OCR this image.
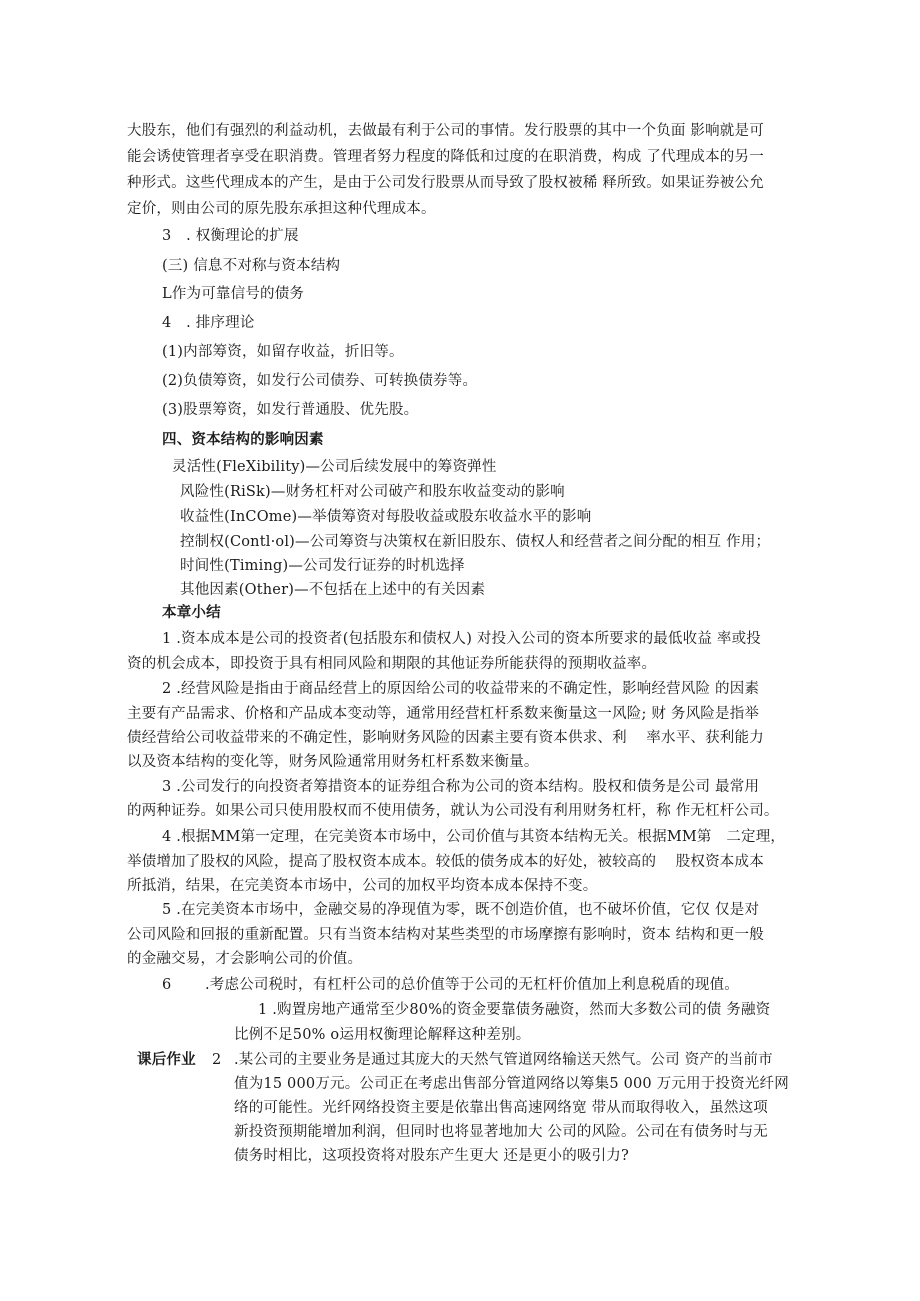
大股东，他们有强烈的利益动机，去做最有利于公司的事情。发行股票的其中一个负面 影响就是可
能会诱使管理者享受在职消费。管理者努力程度的降低和过度的在职消费，构成 了代理成本的另一
种形式。这些代理成本的产生，是由于公司发行股票从而导致了股权被稀 释所致。如果证券被公允
定价，则由公司的原先股东承担这种代理成本。
3　. 权衡理论的扩展
(三) 信息不对称与资本结构
L作为可靠信号的债务
4　. 排序理论
(1)内部筹资，如留存收益，折旧等。
(2)负债筹资，如发行公司债券、可转换债券等。
(3)股票筹资，如发行普通股、优先股。
四、资本结构的影响因素
灵活性(FleXibility)—公司后续发展中的筹资弹性
风险性(RiSk)—财务杠杆对公司破产和股东收益变动的影响
收益性(InCOme)—举债筹资对每股收益或股东收益水平的影响
控制权(Contl·ol)—公司筹资与决策权在新旧股东、债权人和经营者之间分配的相互 作用；
时间性(Timing)—公司发行证券的时机选择
其他因素(Other)—不包括在上述中的有关因素
本章小结
1 .资本成本是公司的投资者(包括股东和债权人) 对投入公司的资本所要求的最低收益 率或投
资的机会成本，即投资于具有相同风险和期限的其他证券所能获得的预期收益率。
2 .经营风险是指由于商品经营上的原因给公司的收益带来的不确定性，影响经营风险 的因素
主要有产品需求、价格和产品成本变动等，通常用经营杠杆系数来衡量这一风险; 财 务风险是指举
债经营给公司收益带来的不确定性，影响财务风险的因素主要有资本供求、利　 率水平、获利能力
以及资本结构的变化等，财务风险通常用财务杠杆系数来衡量。
3 .公司发行的向投资者筹措资本的证券组合称为公司的资本结构。股权和债务是公司 最常用
的两种证券。如果公司只使用股权而不使用债务，就认为公司没有利用财务杠杆，称 作无杠杆公司。
4 .根据MM第一定理，在完美资本市场中，公司价值与其资本结构无关。根据MM第　二定理，
举债增加了股权的风险，提高了股权资本成本。较低的债务成本的好处，被较高的　 股权资本成本
所抵消，结果，在完美资本市场中，公司的加权平均资本成本保持不变。
5 .在完美资本市场中，金融交易的净现值为零，既不创造价值，也不破坏价值，它仅 仅是对
公司风险和回报的重新配置。只有当资本结构对某些类型的市场摩擦有影响时，资本 结构和更一般
的金融交易，才会影响公司的价值。
6 .考虑公司税时，有杠杆公司的总价值等于公司的无杠杆价值加上利息税盾的现值。
1 .购置房地产通常至少80%的资金要靠债务融资，然而大多数公司的债 务融资
比例不足50% o运用权衡理论解释这种差别。
课后作业 2 .某公司的主要业务是通过其庞大的天然气管道网络输送天然气。公司 资产的当前市
值为15 000万元。公司正在考虑出售部分管道网络以筹集5 000 万元用于投资光纤网
络的可能性。光纤网络投资主要是依靠出售高速网络宽 带从而取得收入，虽然这项
新投资预期能增加利润，但同时也将显著地加大 公司的风险。公司在有债务时与无
债务时相比，这项投资将对股东产生更大 还是更小的吸引力?
